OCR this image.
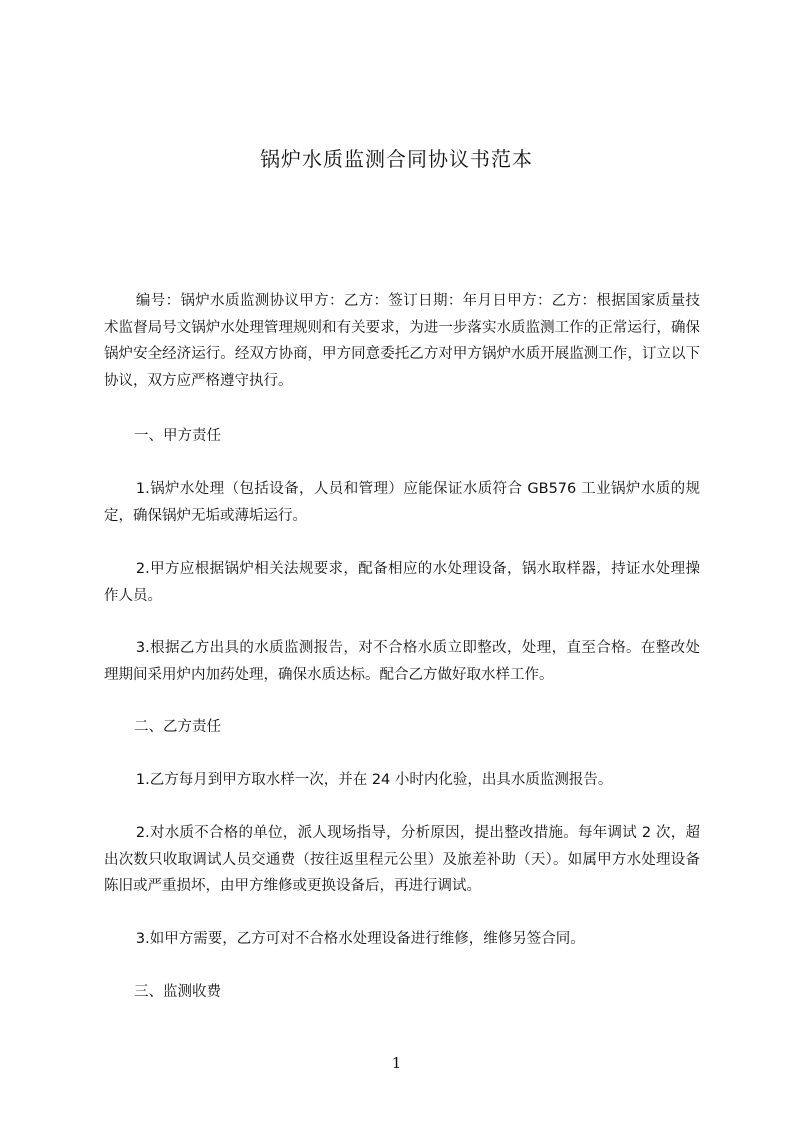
锅炉水质监测合同协议书范本

编号：锅炉水质监测协议甲方：乙方：签订日期：年月日甲方：乙方：根据国家质量技术监督局号文锅炉水处理管理规则和有关要求，为进一步落实水质监测工作的正常运行，确保锅炉安全经济运行。经双方协商，甲方同意委托乙方对甲方锅炉水质开展监测工作，订立以下协议，双方应严格遵守执行。

一、甲方责任

1.锅炉水处理（包括设备，人员和管理）应能保证水质符合 GB576 工业锅炉水质的规定，确保锅炉无垢或薄垢运行。

2.甲方应根据锅炉相关法规要求，配备相应的水处理设备，锅水取样器，持证水处理操作人员。

3.根据乙方出具的水质监测报告，对不合格水质立即整改，处理，直至合格。在整改处理期间采用炉内加药处理，确保水质达标。配合乙方做好取水样工作。

二、乙方责任

1.乙方每月到甲方取水样一次，并在 24 小时内化验，出具水质监测报告。

2.对水质不合格的单位，派人现场指导，分析原因，提出整改措施。每年调试 2 次，超出次数只收取调试人员交通费（按往返里程元公里）及旅差补助（天）。如属甲方水处理设备陈旧或严重损坏，由甲方维修或更换设备后，再进行调试。

3.如甲方需要，乙方可对不合格水处理设备进行维修，维修另签合同。

三、监测收费

1
